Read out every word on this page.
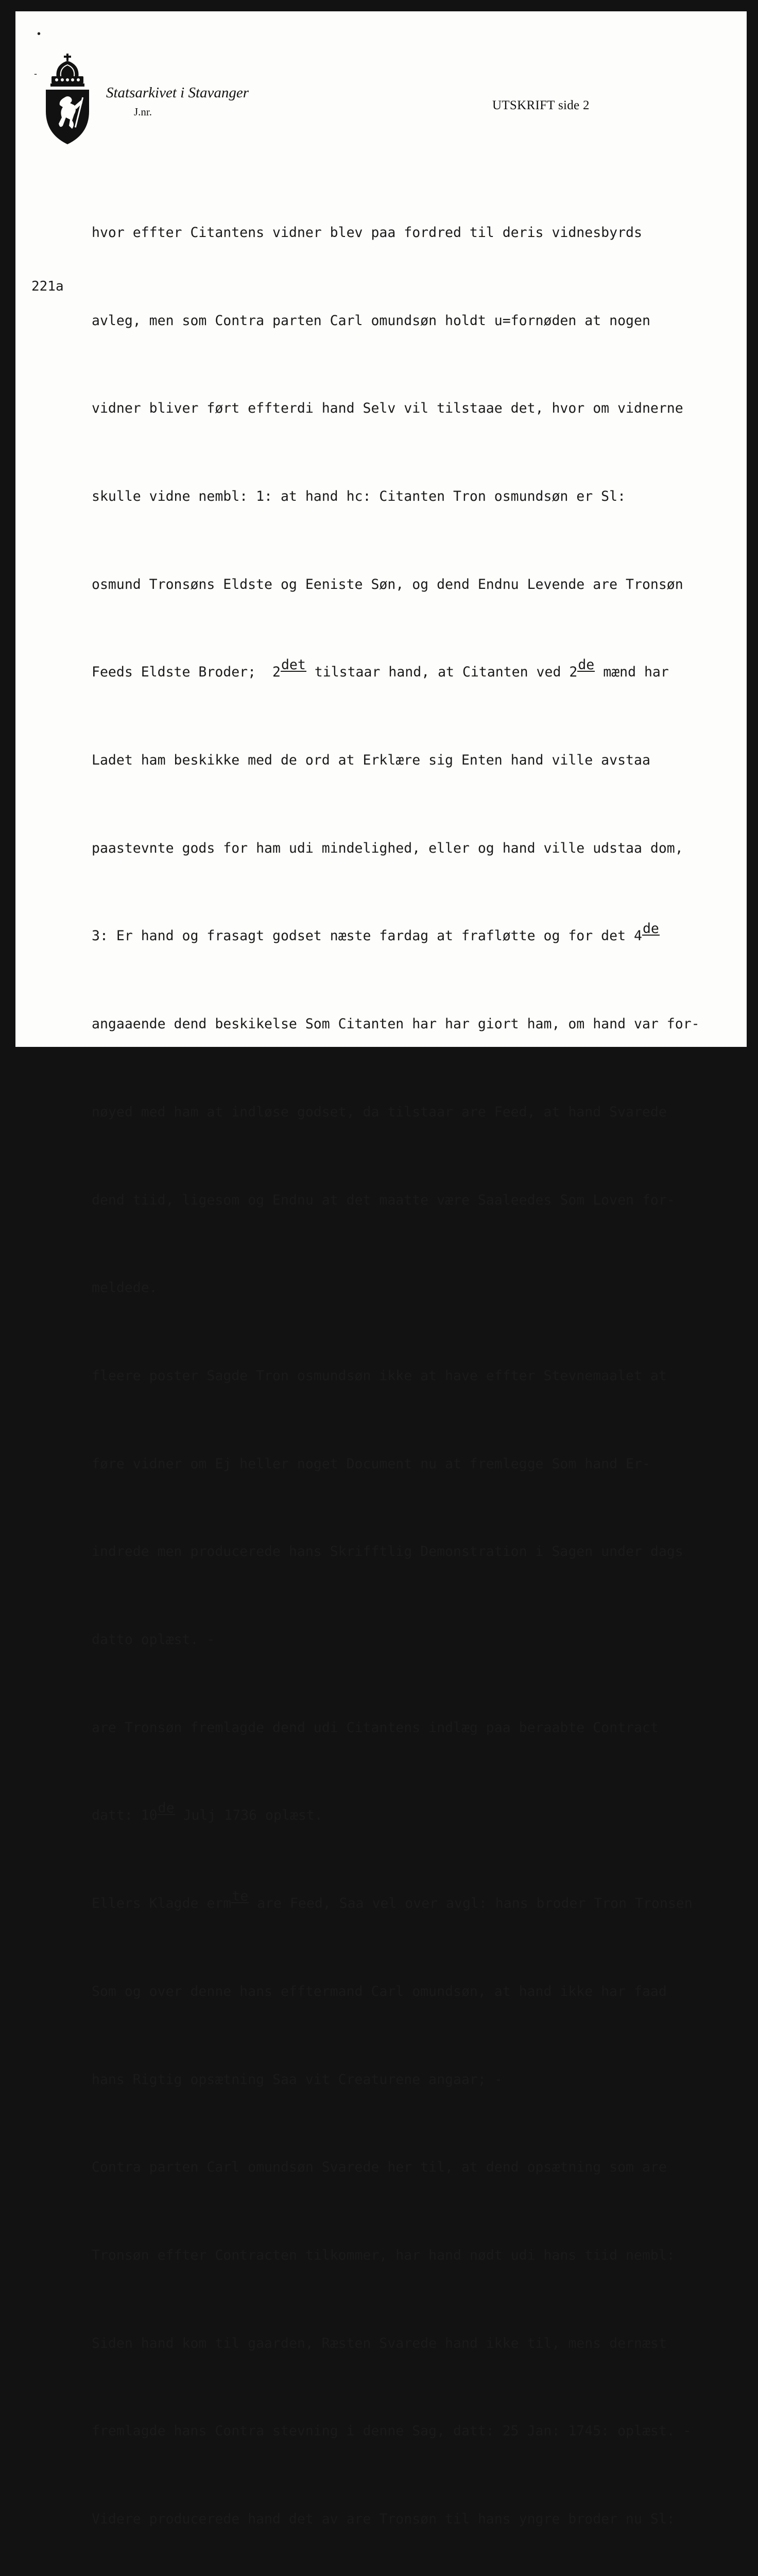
•
-
Statsarkivet i Stavanger
J.nr.	UTSKRIFT side 2
221a

hvor effter Citantens vidner blev paa fordred til deris vidnesbyrds

avleg, men som Contra parten Carl omundsøn holdt u=fornøden at nogen

vidner bliver ført effterdi hand Selv vil tilstaae det, hvor om vidnerne

skulle vidne nembl: 1: at hand hc: Citanten Tron osmundsøn er Sl:

osmund Tronsøns Eldste og Eeniste Søn, og dend Endnu Levende are Tronsøn

Feeds Eldste Broder;  2det tilstaar hand, at Citanten ved 2de mænd har

Ladet ham beskikke med de ord at Erklære sig Enten hand ville avstaa

paastevnte gods for ham udi mindelighed, eller og hand ville udstaa dom,

3: Er hand og frasagt godset næste fardag at frafløtte og for det 4de

angaaende dend beskikelse Som Citanten har har giort ham, om hand var for-

nøyed med ham at indløse godset, da tilstaar are Feed, at hand Svarede

dend tiid, ligesom og Endnu at det maatte være Saaleedes Som Loven for-

meldede.

fleere poster Sagde Tron osmundsøn ikke at have effter Stevnemaalet at

føre vidner om Ej heller noget Document nu at fremlegge Som hand Er-

indrede men producerede hans Skrifftlig Demonstration i Sagen under dags

datto oplæst. -

are Tronsøn fremlagde dend udi Citantens indlæg paa beraabte Contract

datt: 10de Julj 1736 oplæst.

Ellers Klagde ermte are Feed, Saa vel over avgl: hans broder Tron Tronsen

Som og over denne hans efftermand Carl omundsøn, at hand ikke har faad

hans Rigtig opsætning Saa vit Creaturene angaar; -

Contra parten Carl omundsøn Svarede her til, at dend opsætning som are

Tronsøn effter Contracten tilkommer, har hand nødt udi hans tiid nembl:

Siden hand kom til gaarden, Ræsten Svarede hand ikke til, mens dernæst

fremlagde hans Contra stevning i denne Sag, datt: 25 Jan: 1745: oplæst. -

Videre producerede hand det av are Tronsøn til hans yngre broder nu Sl:
